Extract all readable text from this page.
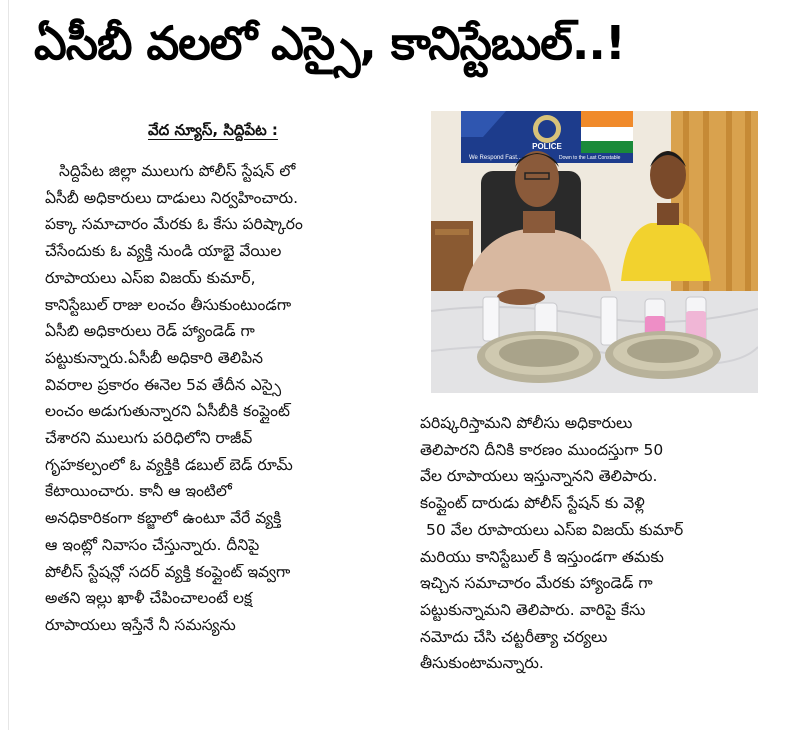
ఏసీబీ వలలో ఎస్సై, కానిస్టేబుల్..!
వేద న్యూస్, సిద్దిపేట :

సిద్దిపేట జిల్లా ములుగు పోలీస్ స్టేషన్ లో

ఏసీబీ అధికారులు దాడులు నిర్వహించారు.

పక్కా సమాచారం మేరకు ఓ కేసు పరిష్కారం

చేసేందుకు ఓ వ్యక్తి నుండి యాభై వేయిల

రూపాయలు ఎస్ఐ విజయ్ కుమార్,

కానిస్టేబుల్ రాజు లంచం తీసుకుంటుండగా

ఏసీబి అధికారులు రెడ్ హ్యాండెడ్ గా

పట్టుకున్నారు.ఏసీబీ అధికారి తెలిపిన

వివరాల ప్రకారం ఈనెల 5వ తేదీన ఎస్సై

లంచం అడుగుతున్నారని ఏసీబీకి కంప్లైంట్

చేశారని ములుగు పరిధిలోని రాజీవ్

గృహకల్పంలో ఓ వ్యక్తికి డబుల్ బెడ్ రూమ్

కేటాయించారు. కానీ ఆ ఇంటిలో

అనధికారికంగా కబ్జాలో ఉంటూ వేరే వ్యక్తి

ఆ ఇంట్లో నివాసం చేస్తున్నారు. దీనిపై

పోలీస్ స్టేషన్లో సదర్ వ్యక్తి కంప్లైంట్ ఇవ్వగా

అతని ఇల్లు ఖాళీ చేపించాలంటే లక్ష

రూపాయలు ఇస్తేనే నీ సమస్యను

POLICE
We Respond Fast...	Down to the Last Constable

పరిష్కరిస్తామని పోలీసు అధికారులు

తెలిపారని దీనికి కారణం ముందస్తుగా 50

వేల రూపాయలు ఇస్తున్నానని తెలిపారు.

కంప్లైంట్ దారుడు పోలీస్ స్టేషన్ కు వెళ్లి

50 వేల రూపాయలు ఎస్ఐ విజయ్ కుమార్

మరియు కానిస్టేబుల్ కి ఇస్తుండగా తమకు

ఇచ్చిన సమాచారం మేరకు హ్యాండెడ్ గా

పట్టుకున్నామని తెలిపారు. వారిపై కేసు

నమోదు చేసి చట్టరీత్యా చర్యలు

తీసుకుంటామన్నారు.
